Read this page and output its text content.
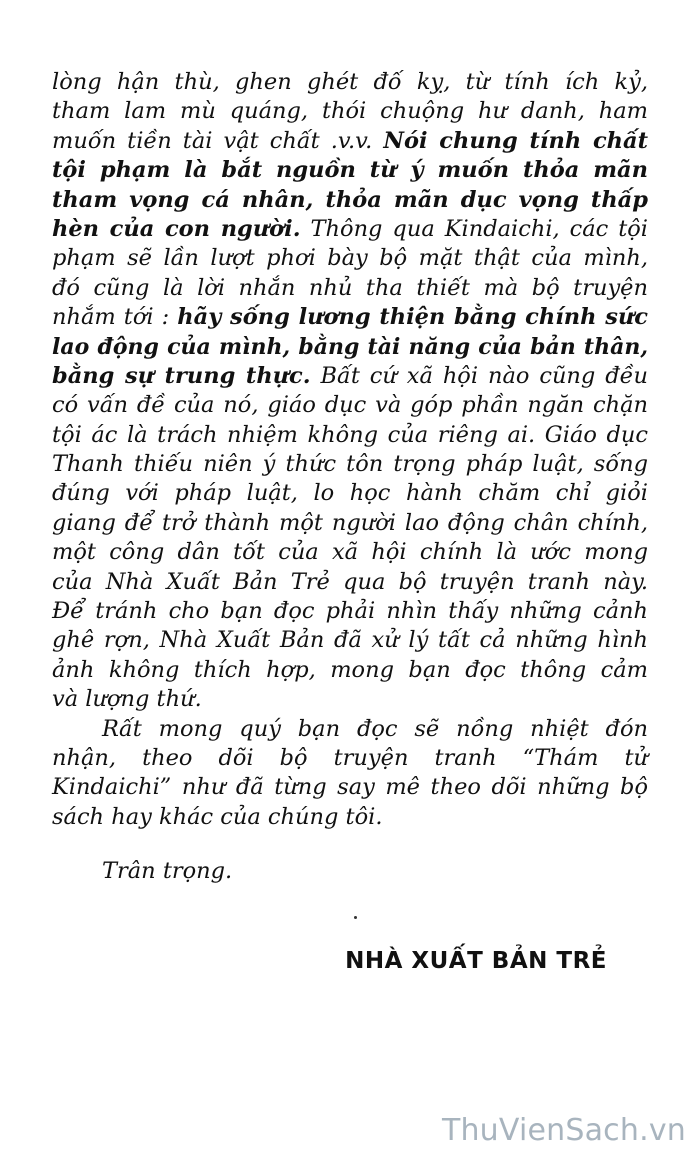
lòng hận thù, ghen ghét đố kỵ, từ tính ích kỷ,
tham lam mù quáng, thói chuộng hư danh, ham
muốn tiền tài vật chất .v.v. Nói chung tính chất
tội phạm là bắt nguồn từ ý muốn thỏa mãn
tham vọng cá nhân, thỏa mãn dục vọng thấp
hèn của con người. Thông qua Kindaichi, các tội
phạm sẽ lần lượt phơi bày bộ mặt thật của mình,
đó cũng là lời nhắn nhủ tha thiết mà bộ truyện
nhắm tới : hãy sống lương thiện bằng chính sức
lao động của mình, bằng tài năng của bản thân,
bằng sự trung thực. Bất cứ xã hội nào cũng đều
có vấn đề của nó, giáo dục và góp phần ngăn chặn
tội ác là trách nhiệm không của riêng ai. Giáo dục
Thanh thiếu niên ý thức tôn trọng pháp luật, sống
đúng với pháp luật, lo học hành chăm chỉ giỏi
giang để trở thành một người lao động chân chính,
một công dân tốt của xã hội chính là ước mong
của Nhà Xuất Bản Trẻ qua bộ truyện tranh này.
Để tránh cho bạn đọc phải nhìn thấy những cảnh
ghê rợn, Nhà Xuất Bản đã xử lý tất cả những hình
ảnh không thích hợp, mong bạn đọc thông cảm
và lượng thứ.
Rất mong quý bạn đọc sẽ nồng nhiệt đón
nhận, theo dõi bộ truyện tranh “Thám tử
Kindaichi” như đã từng say mê theo dõi những bộ
sách hay khác của chúng tôi.
Trân trọng.
NHÀ XUẤT BẢN TRẺ
ThuVienSach.vn
